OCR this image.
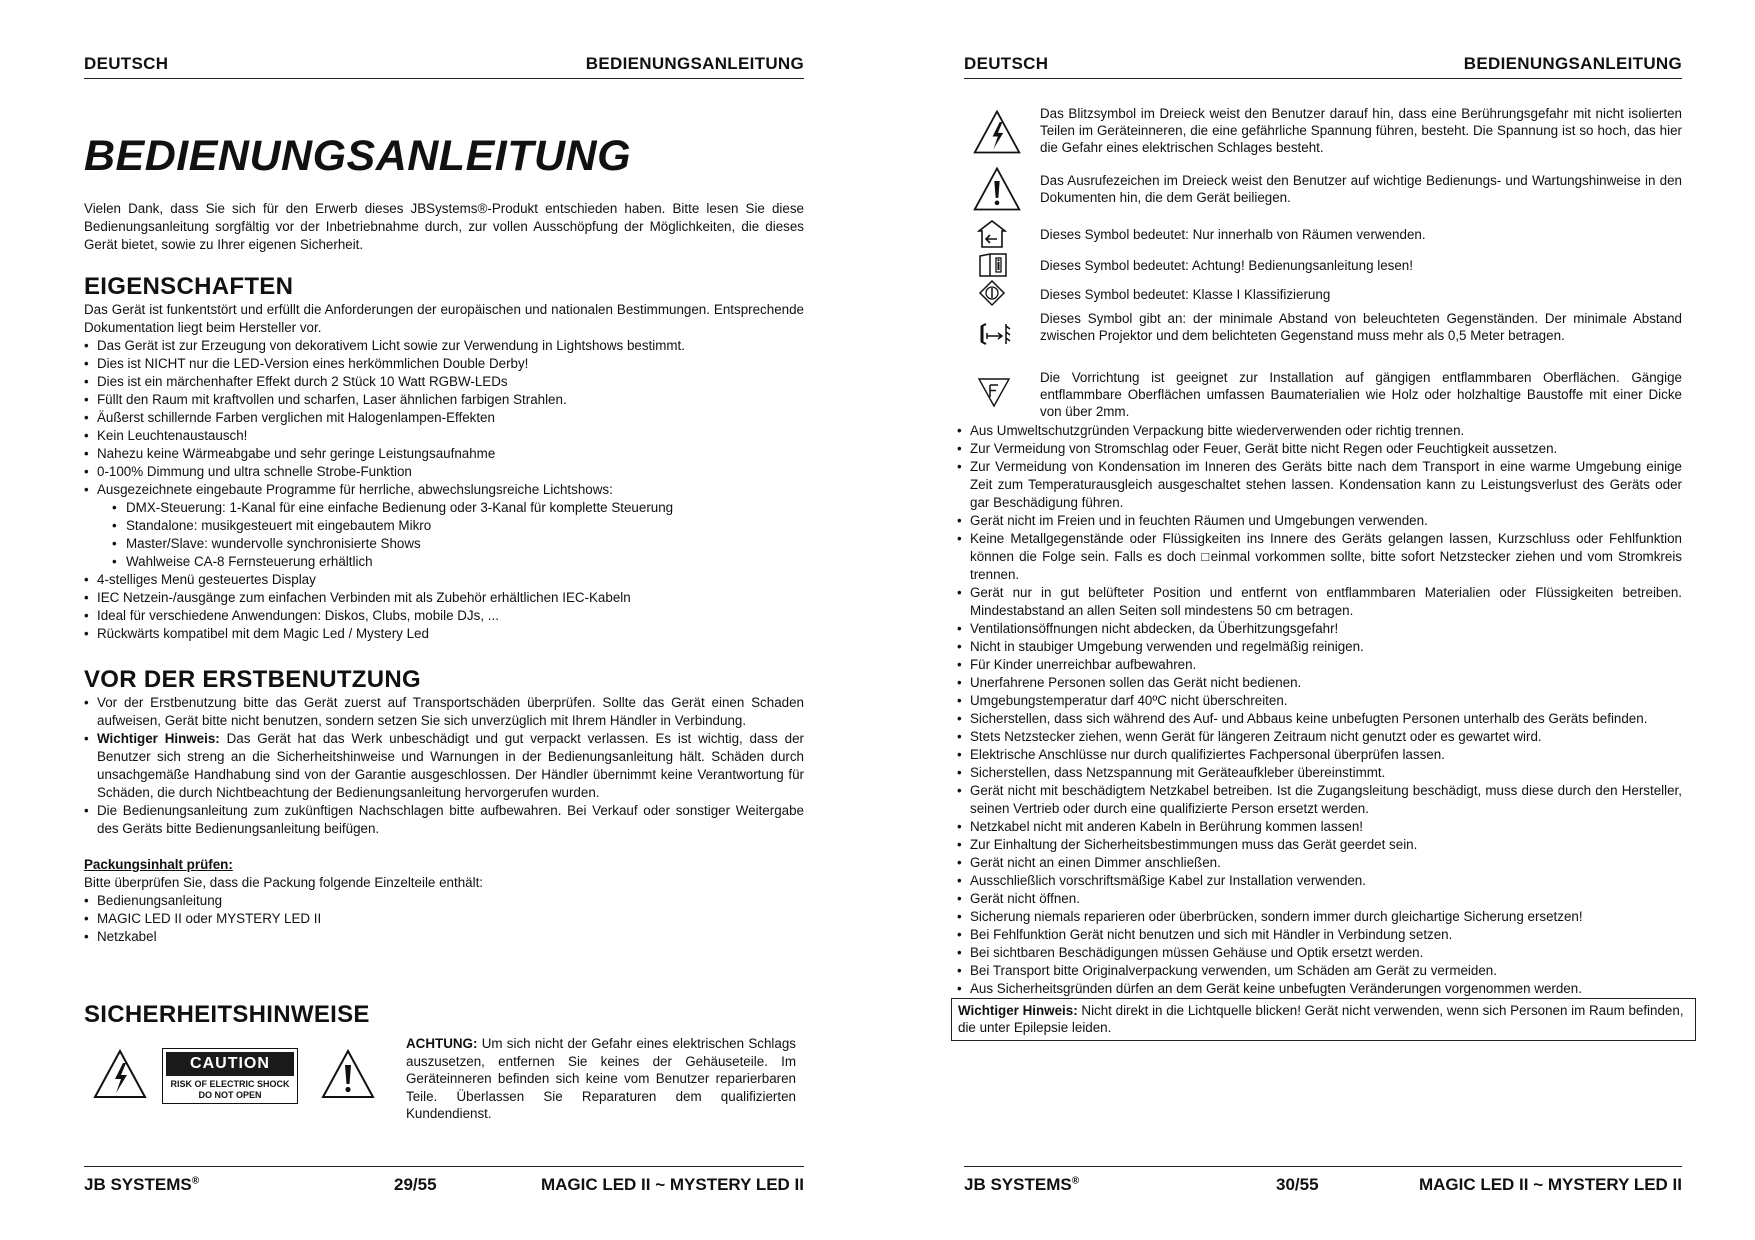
DEUTSCH	BEDIENUNGSANLEITUNG
BEDIENUNGSANLEITUNG
Vielen Dank, dass Sie sich für den Erwerb dieses JBSystems®-Produkt entschieden haben. Bitte lesen Sie diese Bedienungsanleitung sorgfältig vor der Inbetriebnahme durch, zur vollen Ausschöpfung der Möglichkeiten, die dieses Gerät bietet, sowie zu Ihrer eigenen Sicherheit.
EIGENSCHAFTEN
Das Gerät ist funkentstört und erfüllt die Anforderungen der europäischen und nationalen Bestimmungen. Entsprechende Dokumentation liegt beim Hersteller vor.
• Das Gerät ist zur Erzeugung von dekorativem Licht sowie zur Verwendung in Lightshows bestimmt.
• Dies ist NICHT nur die LED-Version eines herkömmlichen Double Derby!
• Dies ist ein märchenhafter Effekt durch 2 Stück 10 Watt RGBW-LEDs
• Füllt den Raum mit kraftvollen und scharfen, Laser ähnlichen farbigen Strahlen.
• Äußerst schillernde Farben verglichen mit Halogenlampen-Effekten
• Kein Leuchtenaustausch!
• Nahezu keine Wärmeabgabe und sehr geringe Leistungsaufnahme
• 0-100% Dimmung und ultra schnelle Strobe-Funktion
• Ausgezeichnete eingebaute Programme für herrliche, abwechslungsreiche Lichtshows:
• DMX-Steuerung: 1-Kanal für eine einfache Bedienung oder 3-Kanal für komplette Steuerung
• Standalone: musikgesteuert mit eingebautem Mikro
• Master/Slave: wundervolle synchronisierte Shows
• Wahlweise CA-8 Fernsteuerung erhältlich
• 4-stelliges Menü gesteuertes Display
• IEC Netzein-/ausgänge zum einfachen Verbinden mit als Zubehör erhältlichen IEC-Kabeln
• Ideal für verschiedene Anwendungen: Diskos, Clubs, mobile DJs, ...
• Rückwärts kompatibel mit dem Magic Led / Mystery Led
VOR DER ERSTBENUTZUNG
• Vor der Erstbenutzung bitte das Gerät zuerst auf Transportschäden überprüfen. Sollte das Gerät einen Schaden aufweisen, Gerät bitte nicht benutzen, sondern setzen Sie sich unverzüglich mit Ihrem Händler in Verbindung.
• Wichtiger Hinweis: Das Gerät hat das Werk unbeschädigt und gut verpackt verlassen. Es ist wichtig, dass der Benutzer sich streng an die Sicherheitshinweise und Warnungen in der Bedienungsanleitung hält. Schäden durch unsachgemäße Handhabung sind von der Garantie ausgeschlossen. Der Händler übernimmt keine Verantwortung für Schäden, die durch Nichtbeachtung der Bedienungsanleitung hervorgerufen wurden.
• Die Bedienungsanleitung zum zukünftigen Nachschlagen bitte aufbewahren. Bei Verkauf oder sonstiger Weitergabe des Geräts bitte Bedienungsanleitung beifügen.
Packungsinhalt prüfen:
Bitte überprüfen Sie, dass die Packung folgende Einzelteile enthält:
• Bedienungsanleitung
• MAGIC LED II oder MYSTERY LED II
• Netzkabel
SICHERHEITSHINWEISE
CAUTION
RISK OF ELECTRIC SHOCK
DO NOT OPEN
ACHTUNG: Um sich nicht der Gefahr eines elektrischen Schlags auszusetzen, entfernen Sie keines der Gehäuseteile. Im Geräteinneren befinden sich keine vom Benutzer reparierbaren Teile. Überlassen Sie Reparaturen dem qualifizierten Kundendienst.
JB SYSTEMS®	29/55	MAGIC LED II ~ MYSTERY LED II
DEUTSCH	BEDIENUNGSANLEITUNG
Das Blitzsymbol im Dreieck weist den Benutzer darauf hin, dass eine Berührungsgefahr mit nicht isolierten Teilen im Geräteinneren, die eine gefährliche Spannung führen, besteht. Die Spannung ist so hoch, das hier die Gefahr eines elektrischen Schlages besteht.
Das Ausrufezeichen im Dreieck weist den Benutzer auf wichtige Bedienungs- und Wartungshinweise in den Dokumenten hin, die dem Gerät beiliegen.
Dieses Symbol bedeutet: Nur innerhalb von Räumen verwenden.
Dieses Symbol bedeutet: Achtung! Bedienungsanleitung lesen!
Dieses Symbol bedeutet: Klasse I Klassifizierung
Dieses Symbol gibt an: der minimale Abstand von beleuchteten Gegenständen. Der minimale Abstand zwischen Projektor und dem belichteten Gegenstand muss mehr als 0,5 Meter betragen.
Die Vorrichtung ist geeignet zur Installation auf gängigen entflammbaren Oberflächen. Gängige entflammbare Oberflächen umfassen Baumaterialien wie Holz oder holzhaltige Baustoffe mit einer Dicke von über 2mm.
• Aus Umweltschutzgründen Verpackung bitte wiederverwenden oder richtig trennen.
• Zur Vermeidung von Stromschlag oder Feuer, Gerät bitte nicht Regen oder Feuchtigkeit aussetzen.
• Zur Vermeidung von Kondensation im Inneren des Geräts bitte nach dem Transport in eine warme Umgebung einige Zeit zum Temperaturausgleich ausgeschaltet stehen lassen. Kondensation kann zu Leistungsverlust des Geräts oder gar Beschädigung führen.
• Gerät nicht im Freien und in feuchten Räumen und Umgebungen verwenden.
• Keine Metallgegenstände oder Flüssigkeiten ins Innere des Geräts gelangen lassen, Kurzschluss oder Fehlfunktion können die Folge sein. Falls es doch □einmal vorkommen sollte, bitte sofort Netzstecker ziehen und vom Stromkreis trennen.
• Gerät nur in gut belüfteter Position und entfernt von entflammbaren Materialien oder Flüssigkeiten betreiben. Mindestabstand an allen Seiten soll mindestens 50 cm betragen.
• Ventilationsöffnungen nicht abdecken, da Überhitzungsgefahr!
• Nicht in staubiger Umgebung verwenden und regelmäßig reinigen.
• Für Kinder unerreichbar aufbewahren.
• Unerfahrene Personen sollen das Gerät nicht bedienen.
• Umgebungstemperatur darf 40ºC nicht überschreiten.
• Sicherstellen, dass sich während des Auf- und Abbaus keine unbefugten Personen unterhalb des Geräts befinden.
• Stets Netzstecker ziehen, wenn Gerät für längeren Zeitraum nicht genutzt oder es gewartet wird.
• Elektrische Anschlüsse nur durch qualifiziertes Fachpersonal überprüfen lassen.
• Sicherstellen, dass Netzspannung mit Geräteaufkleber übereinstimmt.
• Gerät nicht mit beschädigtem Netzkabel betreiben. Ist die Zugangsleitung beschädigt, muss diese durch den Hersteller, seinen Vertrieb oder durch eine qualifizierte Person ersetzt werden.
• Netzkabel nicht mit anderen Kabeln in Berührung kommen lassen!
• Zur Einhaltung der Sicherheitsbestimmungen muss das Gerät geerdet sein.
• Gerät nicht an einen Dimmer anschließen.
• Ausschließlich vorschriftsmäßige Kabel zur Installation verwenden.
• Gerät nicht öffnen.
• Sicherung niemals reparieren oder überbrücken, sondern immer durch gleichartige Sicherung ersetzen!
• Bei Fehlfunktion Gerät nicht benutzen und sich mit Händler in Verbindung setzen.
• Bei sichtbaren Beschädigungen müssen Gehäuse und Optik ersetzt werden.
• Bei Transport bitte Originalverpackung verwenden, um Schäden am Gerät zu vermeiden.
• Aus Sicherheitsgründen dürfen an dem Gerät keine unbefugten Veränderungen vorgenommen werden.
Wichtiger Hinweis: Nicht direkt in die Lichtquelle blicken! Gerät nicht verwenden, wenn sich Personen im Raum befinden, die unter Epilepsie leiden.
JB SYSTEMS®	30/55	MAGIC LED II ~ MYSTERY LED II
